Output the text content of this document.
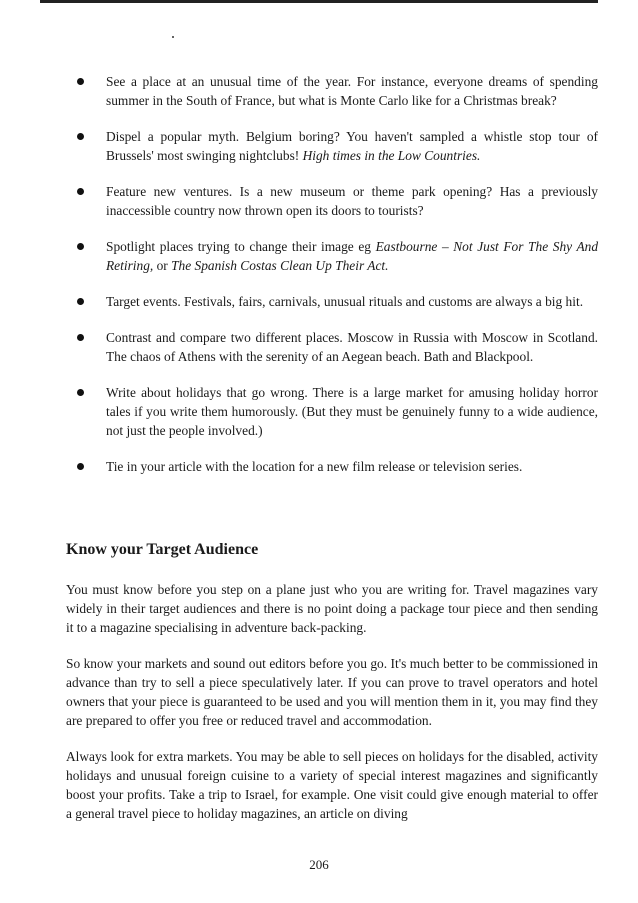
See a place at an unusual time of the year. For instance, everyone dreams of spending summer in the South of France, but what is Monte Carlo like for a Christmas break?
Dispel a popular myth. Belgium boring? You haven't sampled a whistle stop tour of Brussels' most swinging nightclubs! High times in the Low Countries.
Feature new ventures. Is a new museum or theme park opening? Has a previously inaccessible country now thrown open its doors to tourists?
Spotlight places trying to change their image eg Eastbourne – Not Just For The Shy And Retiring, or The Spanish Costas Clean Up Their Act.
Target events. Festivals, fairs, carnivals, unusual rituals and customs are always a big hit.
Contrast and compare two different places. Moscow in Russia with Moscow in Scotland. The chaos of Athens with the serenity of an Aegean beach. Bath and Blackpool.
Write about holidays that go wrong. There is a large market for amusing holiday horror tales if you write them humorously. (But they must be genuinely funny to a wide audience, not just the people involved.)
Tie in your article with the location for a new film release or television series.
Know your Target Audience

You must know before you step on a plane just who you are writing for. Travel magazines vary widely in their target audiences and there is no point doing a package tour piece and then sending it to a magazine specialising in adventure back-packing.

So know your markets and sound out editors before you go. It's much better to be commissioned in advance than try to sell a piece speculatively later. If you can prove to travel operators and hotel owners that your piece is guaranteed to be used and you will mention them in it, you may find they are prepared to offer you free or reduced travel and accommodation.

Always look for extra markets. You may be able to sell pieces on holidays for the disabled, activity holidays and unusual foreign cuisine to a variety of special interest magazines and significantly boost your profits. Take a trip to Israel, for example. One visit could give enough material to offer a general travel piece to holiday magazines, an article on diving

206
